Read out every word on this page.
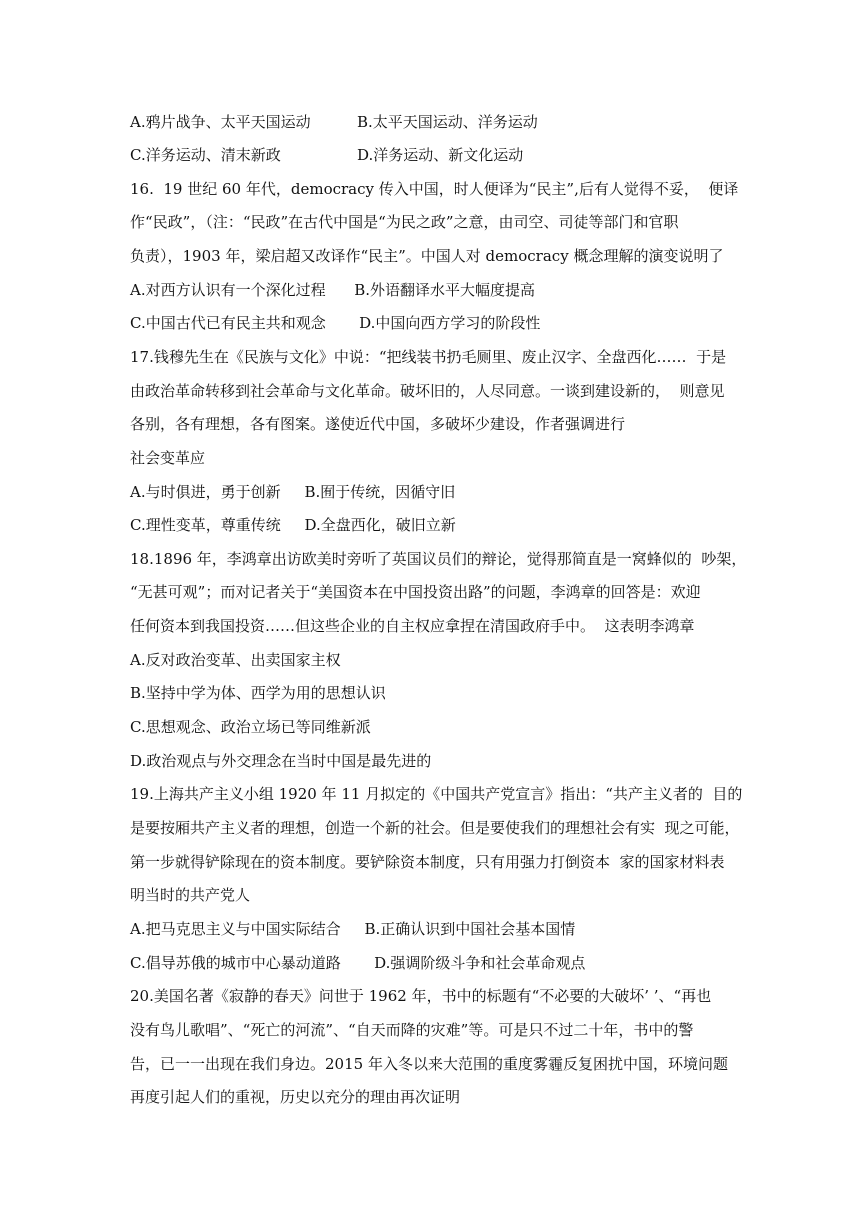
A.鸦片战争、太平天国运动	B.太平天国运动、洋务运动
C.洋务运动、清末新政	D.洋务运动、新文化运动
16.  19 世纪 60 年代，democracy 传入中国，时人便译为“民主”,后有人觉得不妥，  便译
作“民政”，（注：“民政”在古代中国是“为民之政”之意，由司空、司徒等部门和官职
负责），1903 年，梁启超又改译作“民主”。中国人对 democracy 概念理解的演变说明了
A.对西方认识有一个深化过程      B.外语翻译水平大幅度提高
C.中国古代已有民主共和观念       D.中国向西方学习的阶段性
17.钱穆先生在《民族与文化》中说：“把线装书扔毛厕里、废止汉字、全盘西化……  于是
由政治革命转移到社会革命与文化革命。破坏旧的，人尽同意。一谈到建设新的，  则意见
各别，各有理想，各有图案。遂使近代中国，多破坏少建设，作者强调进行
社会变革应
A.与时俱进，勇于创新     B.囿于传统，因循守旧
C.理性变革，尊重传统     D.全盘西化，破旧立新
18.1896 年，李鸿章出访欧美时旁听了英国议员们的辩论，觉得那简直是一窝蜂似的  吵架，
“无甚可观”；而对记者关于“美国资本在中国投资出路”的问题，李鸿章的回答是：欢迎
任何资本到我国投资……但这些企业的自主权应拿捏在清国政府手中。  这表明李鸿章
A.反对政治变革、出卖国家主权
B.坚持中学为体、西学为用的思想认识
C.思想观念、政治立场已等同维新派
D.政治观点与外交理念在当时中国是最先进的
19.上海共产主义小组 1920 年 11 月拟定的《中国共产党宣言》指出：“共产主义者的  目的
是要按厢共产主义者的理想，创造一个新的社会。但是要使我们的理想社会有实  现之可能，
第一步就得铲除现在的资本制度。要铲除资本制度，只有用强力打倒资本  家的国家材料表
明当时的共产党人
A.把马克思主义与中国实际结合     B.正确认识到中国社会基本国情
C.倡导苏俄的城市中心暴动道路       D.强调阶级斗争和社会革命观点
20.美国名著《寂静的春天》问世于 1962 年，书中的标题有“不必要的大破坏’ ’、“再也
没有鸟儿歌唱”、“死亡的河流”、“自天而降的灾难”等。可是只不过二十年，书中的警
告，已一一出现在我们身边。2015 年入冬以来大范围的重度雾霾反复困扰中国，环境问题
再度引起人们的重视，历史以充分的理由再次证明
